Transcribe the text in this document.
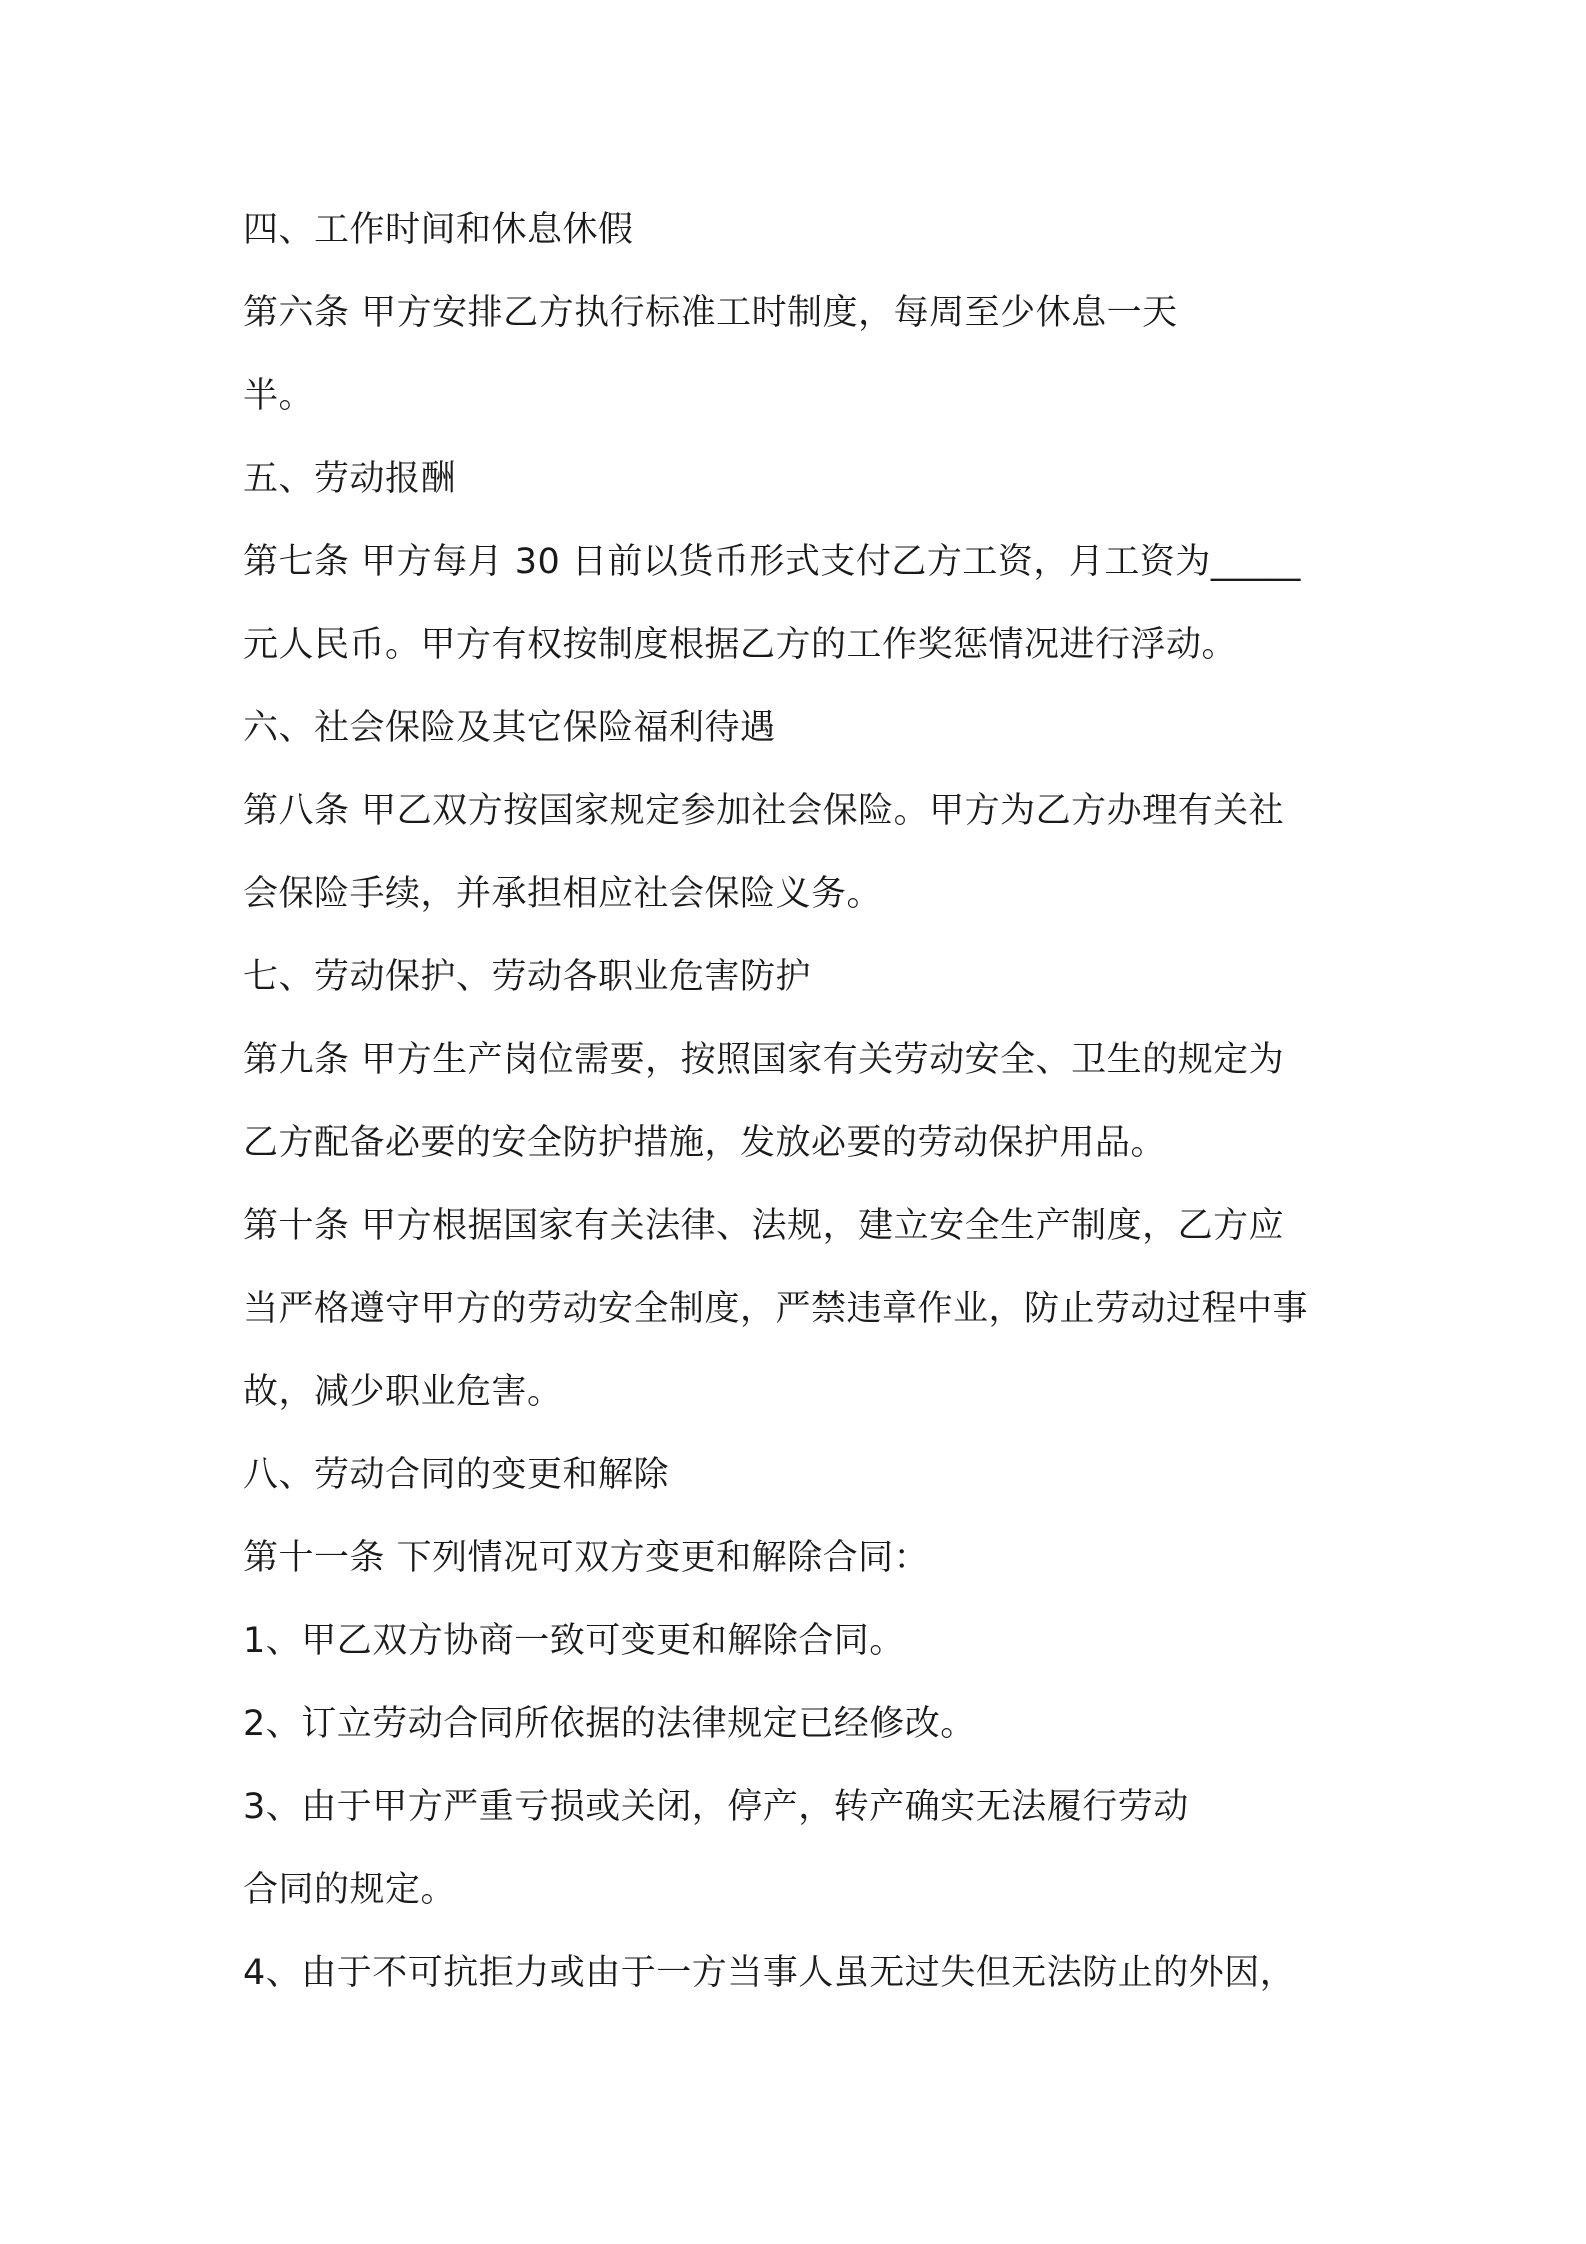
四、工作时间和休息休假

第六条 甲方安排乙方执行标准工时制度，每周至少休息一天

半。

五、劳动报酬

第七条 甲方每月 30 日前以货币形式支付乙方工资，月工资为_____

元人民币。甲方有权按制度根据乙方的工作奖惩情况进行浮动。

六、社会保险及其它保险福利待遇

第八条 甲乙双方按国家规定参加社会保险。甲方为乙方办理有关社

会保险手续，并承担相应社会保险义务。

七、劳动保护、劳动各职业危害防护

第九条 甲方生产岗位需要，按照国家有关劳动安全、卫生的规定为

乙方配备必要的安全防护措施，发放必要的劳动保护用品。

第十条 甲方根据国家有关法律、法规，建立安全生产制度，乙方应

当严格遵守甲方的劳动安全制度，严禁违章作业，防止劳动过程中事

故，减少职业危害。

八、劳动合同的变更和解除

第十一条 下列情况可双方变更和解除合同：

1、甲乙双方协商一致可变更和解除合同。

2、订立劳动合同所依据的法律规定已经修改。

3、由于甲方严重亏损或关闭，停产，转产确实无法履行劳动

合同的规定。

4、由于不可抗拒力或由于一方当事人虽无过失但无法防止的外因，
